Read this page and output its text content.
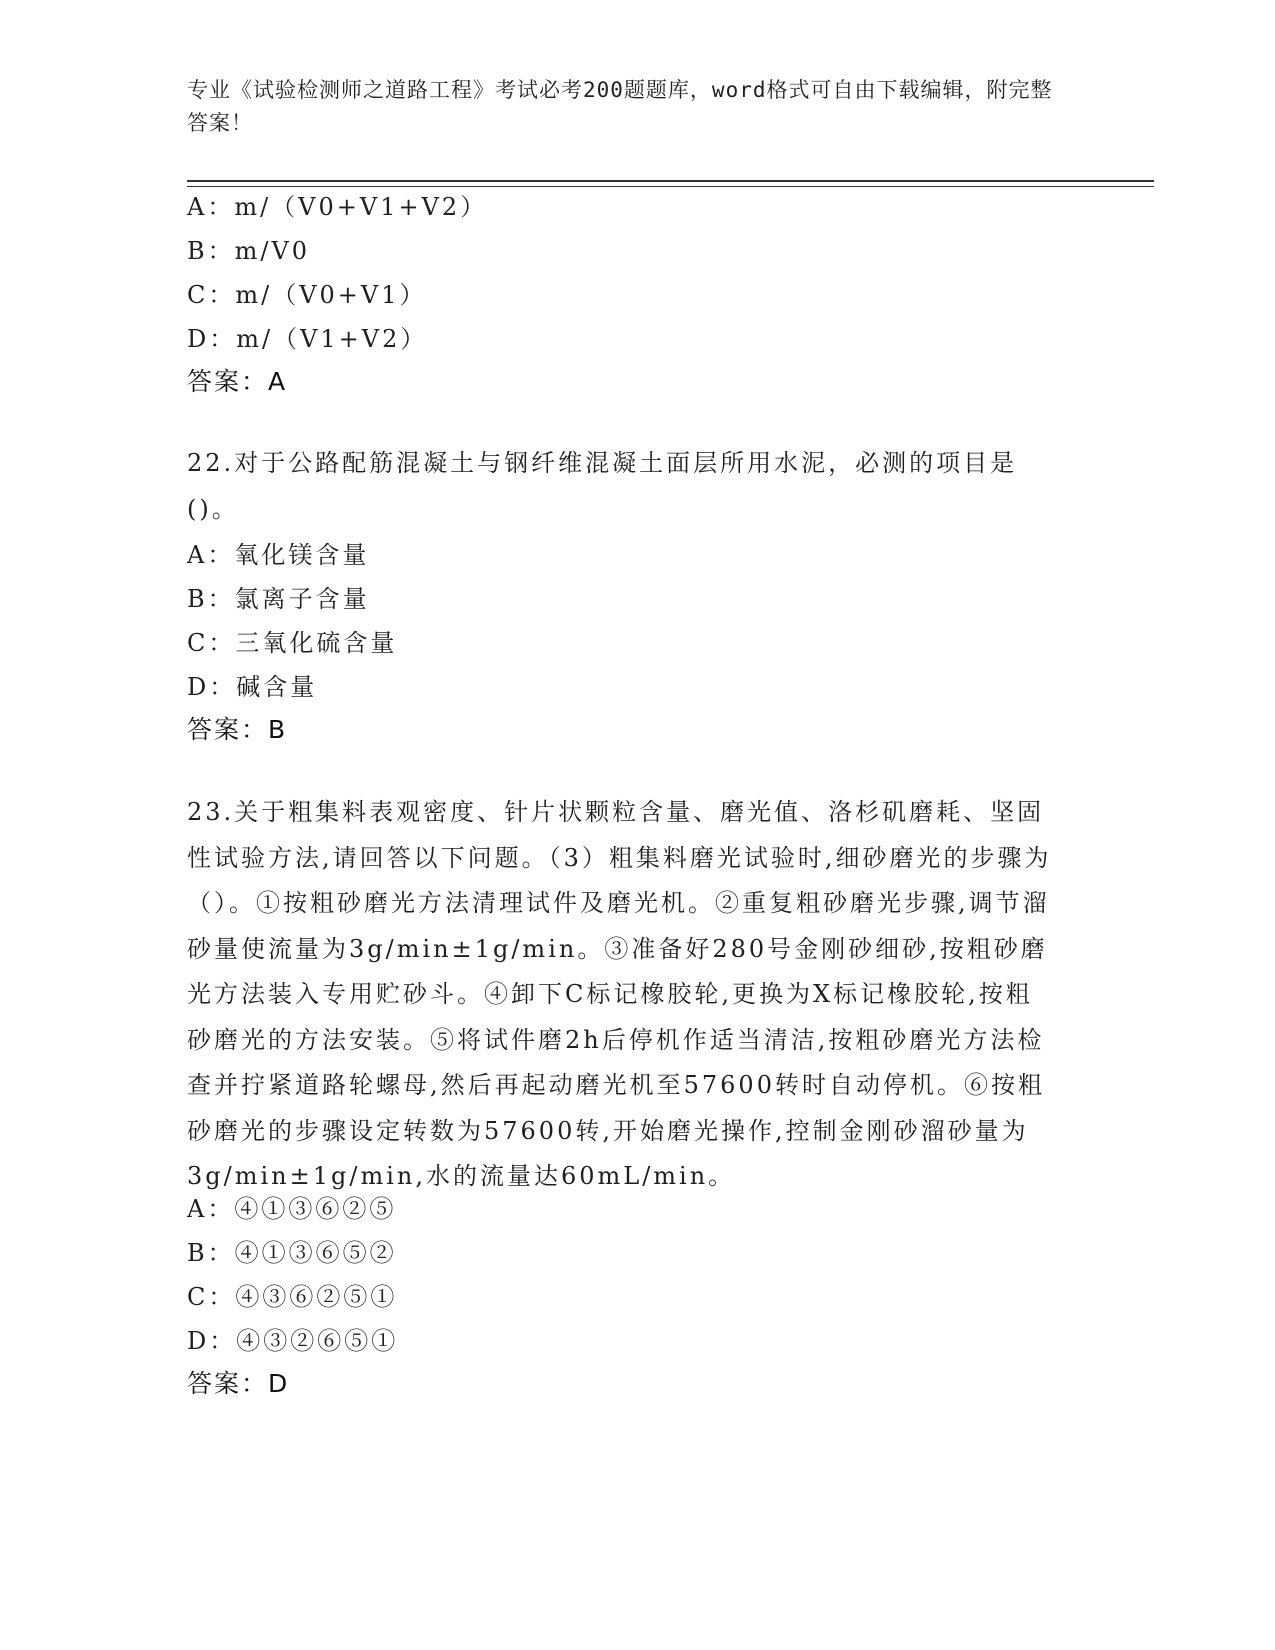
专业《试验检测师之道路工程》考试必考200题题库，word格式可自由下载编辑，附完整答案！
A：m/（V0+V1+V2）
B：m/V0
C：m/（V0+V1）
D：m/（V1+V2）
答案：A
22.对于公路配筋混凝土与钢纤维混凝土面层所用水泥，必测的项目是()。
A：氧化镁含量
B：氯离子含量
C：三氧化硫含量
D：碱含量
答案：B
23.关于粗集料表观密度、针片状颗粒含量、磨光值、洛杉矶磨耗、坚固性试验方法,请回答以下问题。（3）粗集料磨光试验时,细砂磨光的步骤为（）。①按粗砂磨光方法清理试件及磨光机。②重复粗砂磨光步骤,调节溜砂量使流量为3g/min±1g/min。③准备好280号金刚砂细砂,按粗砂磨光方法装入专用贮砂斗。④卸下C标记橡胶轮,更换为X标记橡胶轮,按粗砂磨光的方法安装。⑤将试件磨2h后停机作适当清洁,按粗砂磨光方法检查并拧紧道路轮螺母,然后再起动磨光机至57600转时自动停机。⑥按粗砂磨光的步骤设定转数为57600转,开始磨光操作,控制金刚砂溜砂量为3g/min±1g/min,水的流量达60mL/min。
A：④①③⑥②⑤
B：④①③⑥⑤②
C：④③⑥②⑤①
D：④③②⑥⑤①
答案：D
